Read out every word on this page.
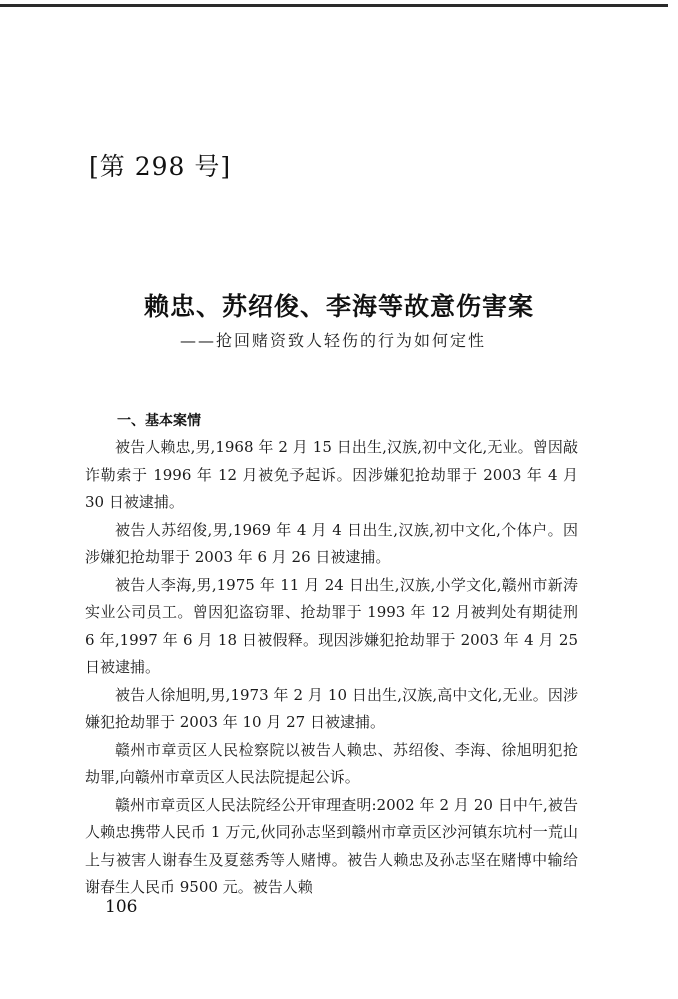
[第 298 号]
赖忠、苏绍俊、李海等故意伤害案
——抢回赌资致人轻伤的行为如何定性
一、基本案情

被告人赖忠,男,1968 年 2 月 15 日出生,汉族,初中文化,无业。曾因敲诈勒索于 1996 年 12 月被免予起诉。因涉嫌犯抢劫罪于 2003 年 4 月 30 日被逮捕。

被告人苏绍俊,男,1969 年 4 月 4 日出生,汉族,初中文化,个体户。因涉嫌犯抢劫罪于 2003 年 6 月 26 日被逮捕。

被告人李海,男,1975 年 11 月 24 日出生,汉族,小学文化,赣州市新涛实业公司员工。曾因犯盗窃罪、抢劫罪于 1993 年 12 月被判处有期徒刑 6 年,1997 年 6 月 18 日被假释。现因涉嫌犯抢劫罪于 2003 年 4 月 25 日被逮捕。

被告人徐旭明,男,1973 年 2 月 10 日出生,汉族,高中文化,无业。因涉嫌犯抢劫罪于 2003 年 10 月 27 日被逮捕。

赣州市章贡区人民检察院以被告人赖忠、苏绍俊、李海、徐旭明犯抢劫罪,向赣州市章贡区人民法院提起公诉。

赣州市章贡区人民法院经公开审理查明:2002 年 2 月 20 日中午,被告人赖忠携带人民币 1 万元,伙同孙志坚到赣州市章贡区沙河镇东坑村一荒山上与被害人谢春生及夏慈秀等人赌博。被告人赖忠及孙志坚在赌博中输给谢春生人民币 9500 元。被告人赖

106
